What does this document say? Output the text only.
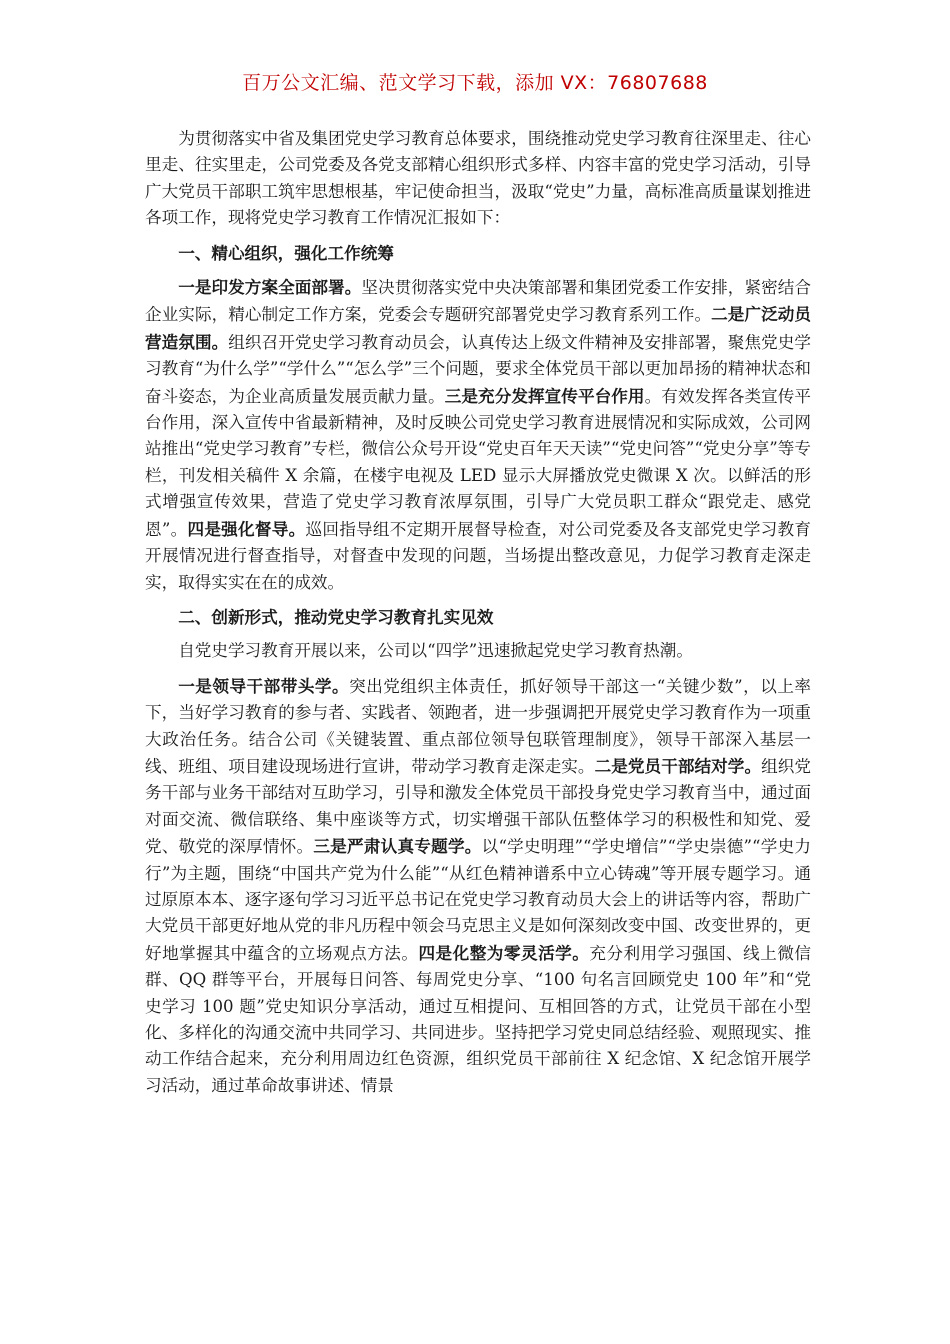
百万公文汇编、范文学习下载，添加 VX：76807688

为贯彻落实中省及集团党史学习教育总体要求，围绕推动党史学习教育往深里走、往心里走、往实里走，公司党委及各党支部精心组织形式多样、内容丰富的党史学习活动，引导广大党员干部职工筑牢思想根基，牢记使命担当，汲取“党史”力量，高标准高质量谋划推进各项工作，现将党史学习教育工作情况汇报如下：

一、精心组织，强化工作统筹

一是印发方案全面部署。坚决贯彻落实党中央决策部署和集团党委工作安排，紧密结合企业实际，精心制定工作方案，党委会专题研究部署党史学习教育系列工作。二是广泛动员营造氛围。组织召开党史学习教育动员会，认真传达上级文件精神及安排部署，聚焦党史学习教育“为什么学”“学什么”“怎么学”三个问题，要求全体党员干部以更加昂扬的精神状态和奋斗姿态，为企业高质量发展贡献力量。三是充分发挥宣传平台作用。有效发挥各类宣传平台作用，深入宣传中省最新精神，及时反映公司党史学习教育进展情况和实际成效，公司网站推出“党史学习教育”专栏，微信公众号开设“党史百年天天读”“党史问答”“党史分享”等专栏，刊发相关稿件 X 余篇，在楼宇电视及 LED 显示大屏播放党史微课 X 次。以鲜活的形式增强宣传效果，营造了党史学习教育浓厚氛围，引导广大党员职工群众“跟党走、感党恩”。四是强化督导。巡回指导组不定期开展督导检查，对公司党委及各支部党史学习教育开展情况进行督查指导，对督查中发现的问题，当场提出整改意见，力促学习教育走深走实，取得实实在在的成效。

二、创新形式，推动党史学习教育扎实见效

自党史学习教育开展以来，公司以“四学”迅速掀起党史学习教育热潮。

一是领导干部带头学。突出党组织主体责任，抓好领导干部这一“关键少数”，以上率下，当好学习教育的参与者、实践者、领跑者，进一步强调把开展党史学习教育作为一项重大政治任务。结合公司《关键装置、重点部位领导包联管理制度》，领导干部深入基层一线、班组、项目建设现场进行宣讲，带动学习教育走深走实。二是党员干部结对学。组织党务干部与业务干部结对互助学习，引导和激发全体党员干部投身党史学习教育当中，通过面对面交流、微信联络、集中座谈等方式，切实增强干部队伍整体学习的积极性和知党、爱党、敬党的深厚情怀。三是严肃认真专题学。以“学史明理”“学史增信”“学史崇德”“学史力行”为主题，围绕“中国共产党为什么能”“从红色精神谱系中立心铸魂”等开展专题学习。通过原原本本、逐字逐句学习习近平总书记在党史学习教育动员大会上的讲话等内容，帮助广大党员干部更好地从党的非凡历程中领会马克思主义是如何深刻改变中国、改变世界的，更好地掌握其中蕴含的立场观点方法。四是化整为零灵活学。充分利用学习强国、线上微信群、QQ 群等平台，开展每日问答、每周党史分享、“100 句名言回顾党史 100 年”和“党史学习 100 题”党史知识分享活动，通过互相提问、互相回答的方式，让党员干部在小型化、多样化的沟通交流中共同学习、共同进步。坚持把学习党史同总结经验、观照现实、推动工作结合起来，充分利用周边红色资源，组织党员干部前往 X 纪念馆、X 纪念馆开展学习活动，通过革命故事讲述、情景
